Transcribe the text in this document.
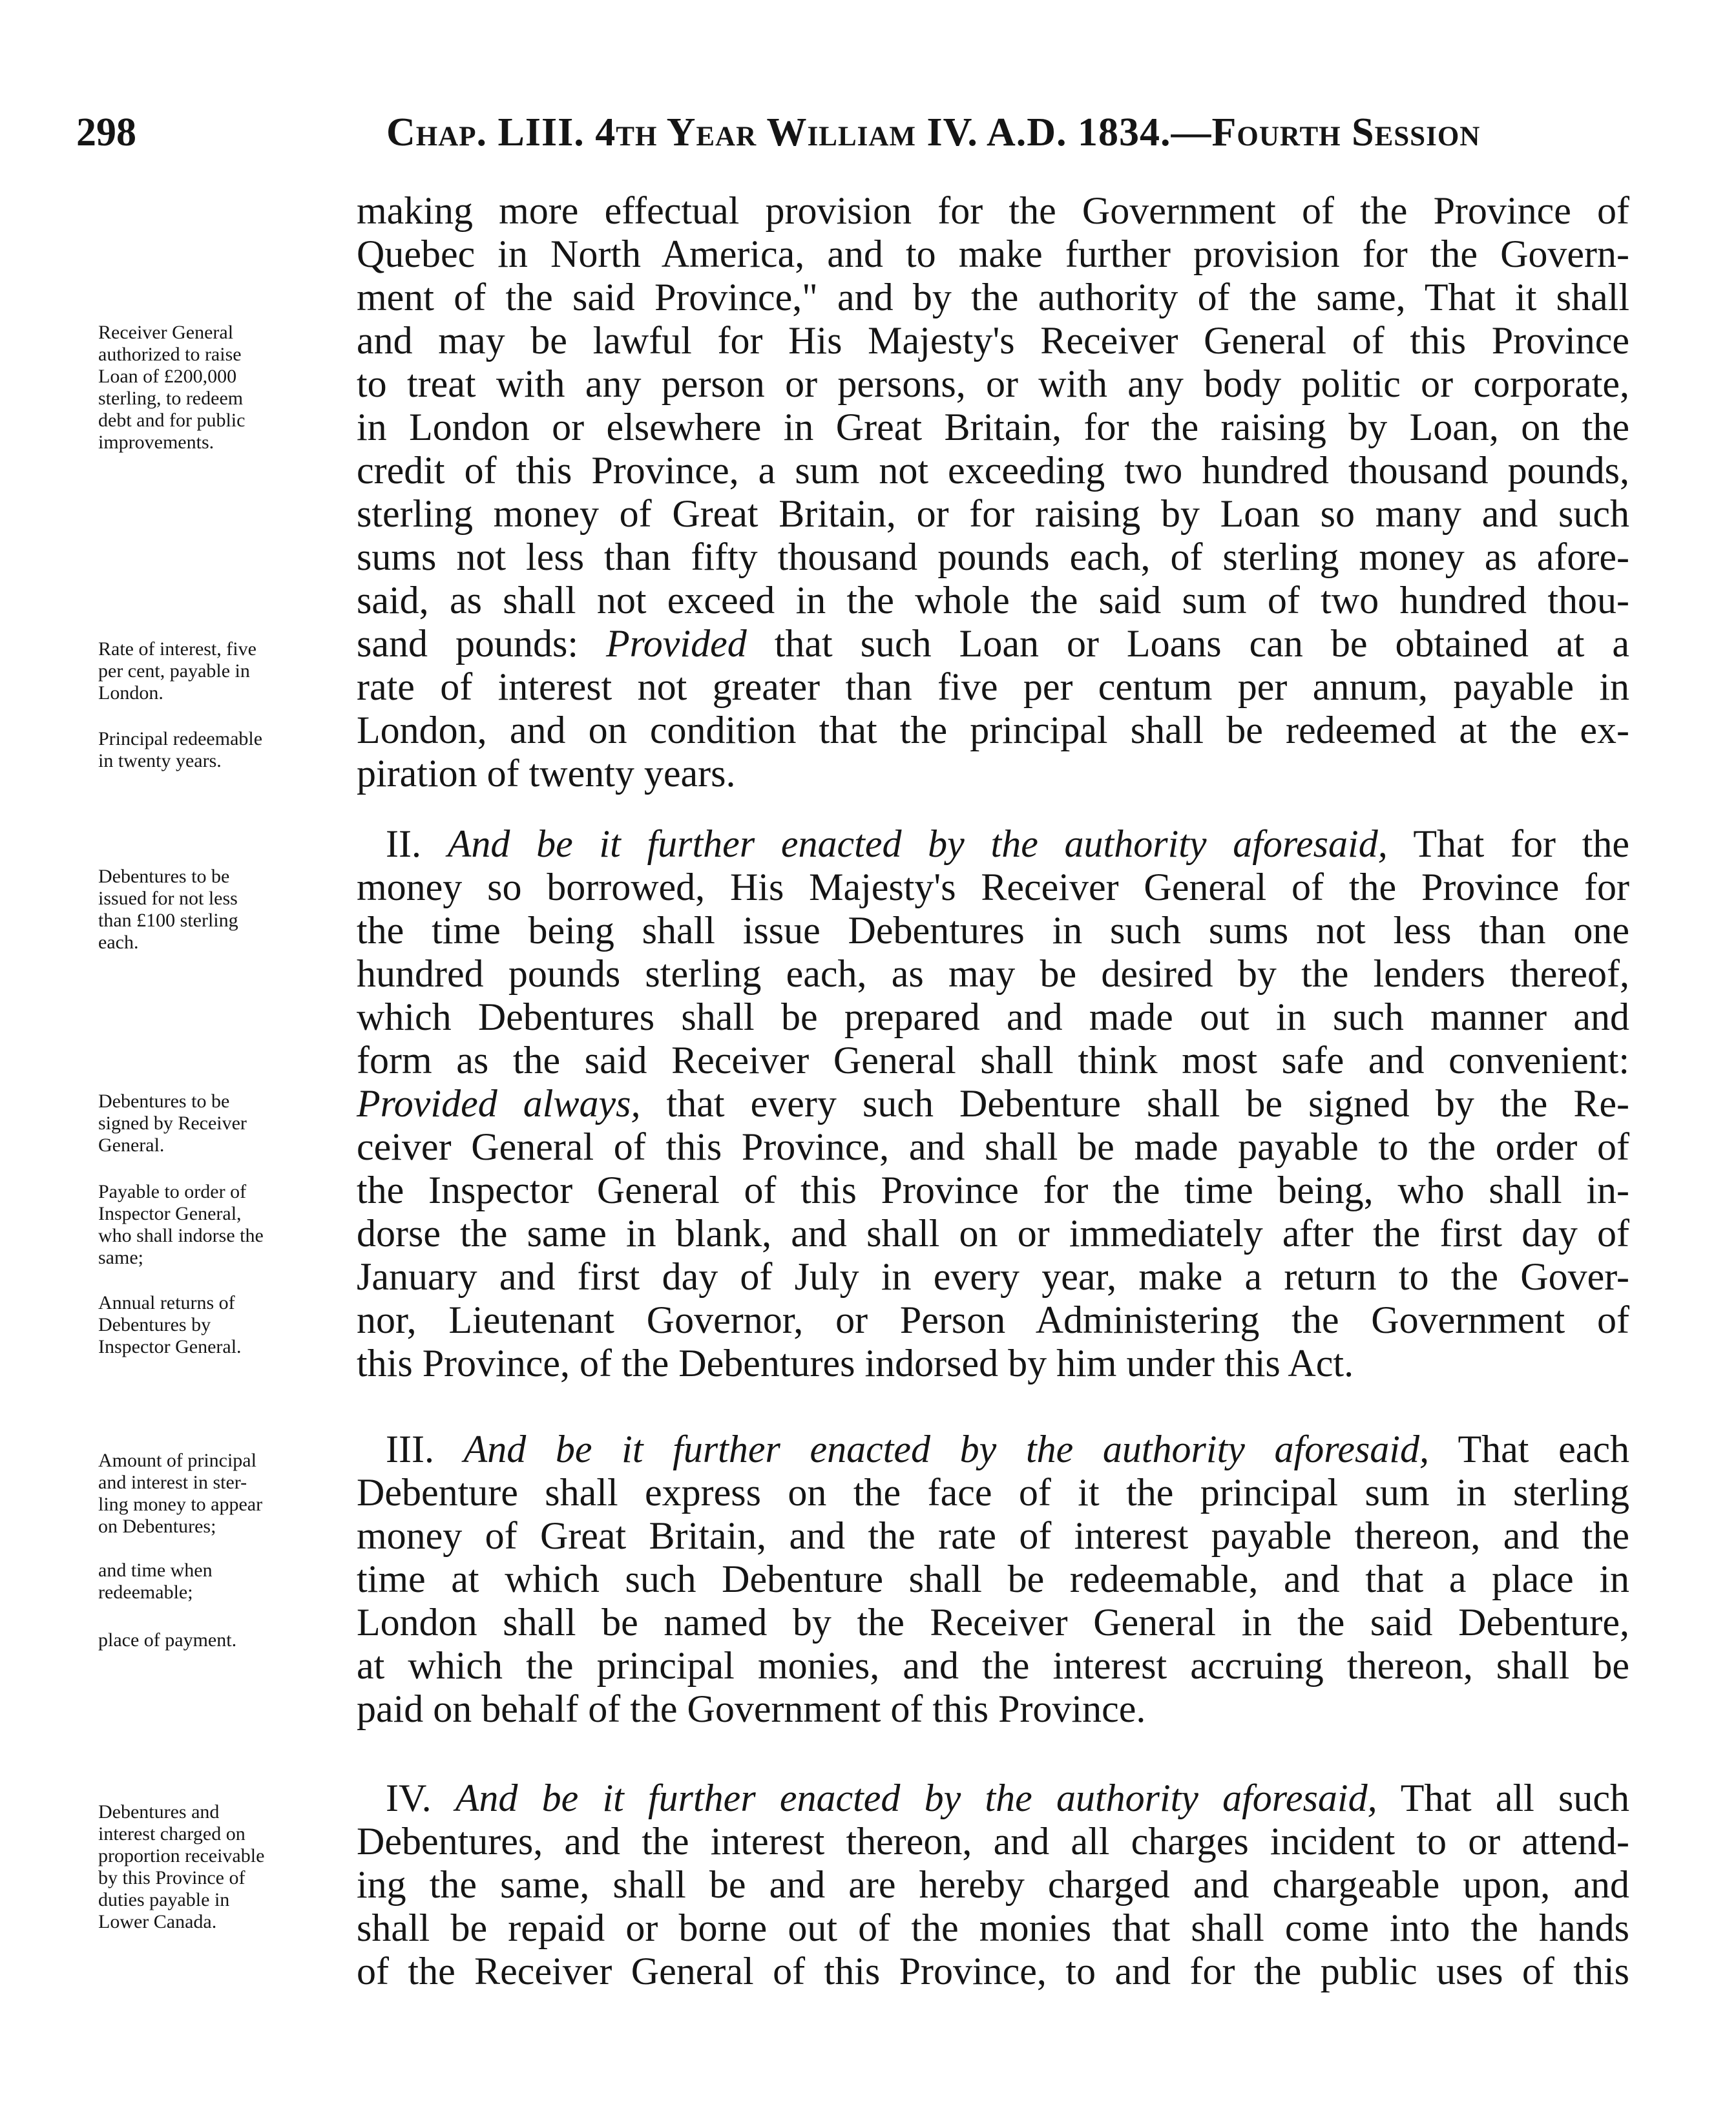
298	Chap. LIII. 4th Year William IV. A.D. 1834.—Fourth Session
Receiver General
authorized to raise
Loan of £200,000
sterling, to redeem
debt and for public
improvements.
Rate of interest, five
per cent, payable in
London.
Principal redeemable
in twenty years.
Debentures to be
issued for not less
than £100 sterling
each.
Debentures to be
signed by Receiver
General.
Payable to order of
Inspector General,
who shall indorse the
same;
Annual returns of
Debentures by
Inspector General.
Amount of principal
and interest in ster-
ling money to appear
on Debentures;
and time when
redeemable;
place of payment.
Debentures and
interest charged on
proportion receivable
by this Province of
duties payable in
Lower Canada.
making more effectual provision for the Government of the Province of
Quebec in North America, and to make further provision for the Govern-
ment of the said Province," and by the authority of the same, That it shall
and may be lawful for His Majesty's Receiver General of this Province
to treat with any person or persons, or with any body politic or corporate,
in London or elsewhere in Great Britain, for the raising by Loan, on the
credit of this Province, a sum not exceeding two hundred thousand pounds,
sterling money of Great Britain, or for raising by Loan so many and such
sums not less than fifty thousand pounds each, of sterling money as afore-
said, as shall not exceed in the whole the said sum of two hundred thou-
sand pounds: Provided that such Loan or Loans can be obtained at a
rate of interest not greater than five per centum per annum, payable in
London, and on condition that the principal shall be redeemed at the ex-
piration of twenty years.
II. And be it further enacted by the authority aforesaid, That for the
money so borrowed, His Majesty's Receiver General of the Province for
the time being shall issue Debentures in such sums not less than one
hundred pounds sterling each, as may be desired by the lenders thereof,
which Debentures shall be prepared and made out in such manner and
form as the said Receiver General shall think most safe and convenient:
Provided always, that every such Debenture shall be signed by the Re-
ceiver General of this Province, and shall be made payable to the order of
the Inspector General of this Province for the time being, who shall in-
dorse the same in blank, and shall on or immediately after the first day of
January and first day of July in every year, make a return to the Gover-
nor, Lieutenant Governor, or Person Administering the Government of
this Province, of the Debentures indorsed by him under this Act.
III. And be it further enacted by the authority aforesaid, That each
Debenture shall express on the face of it the principal sum in sterling
money of Great Britain, and the rate of interest payable thereon, and the
time at which such Debenture shall be redeemable, and that a place in
London shall be named by the Receiver General in the said Debenture,
at which the principal monies, and the interest accruing thereon, shall be
paid on behalf of the Government of this Province.
IV. And be it further enacted by the authority aforesaid, That all such
Debentures, and the interest thereon, and all charges incident to or attend-
ing the same, shall be and are hereby charged and chargeable upon, and
shall be repaid or borne out of the monies that shall come into the hands
of the Receiver General of this Province, to and for the public uses of this
